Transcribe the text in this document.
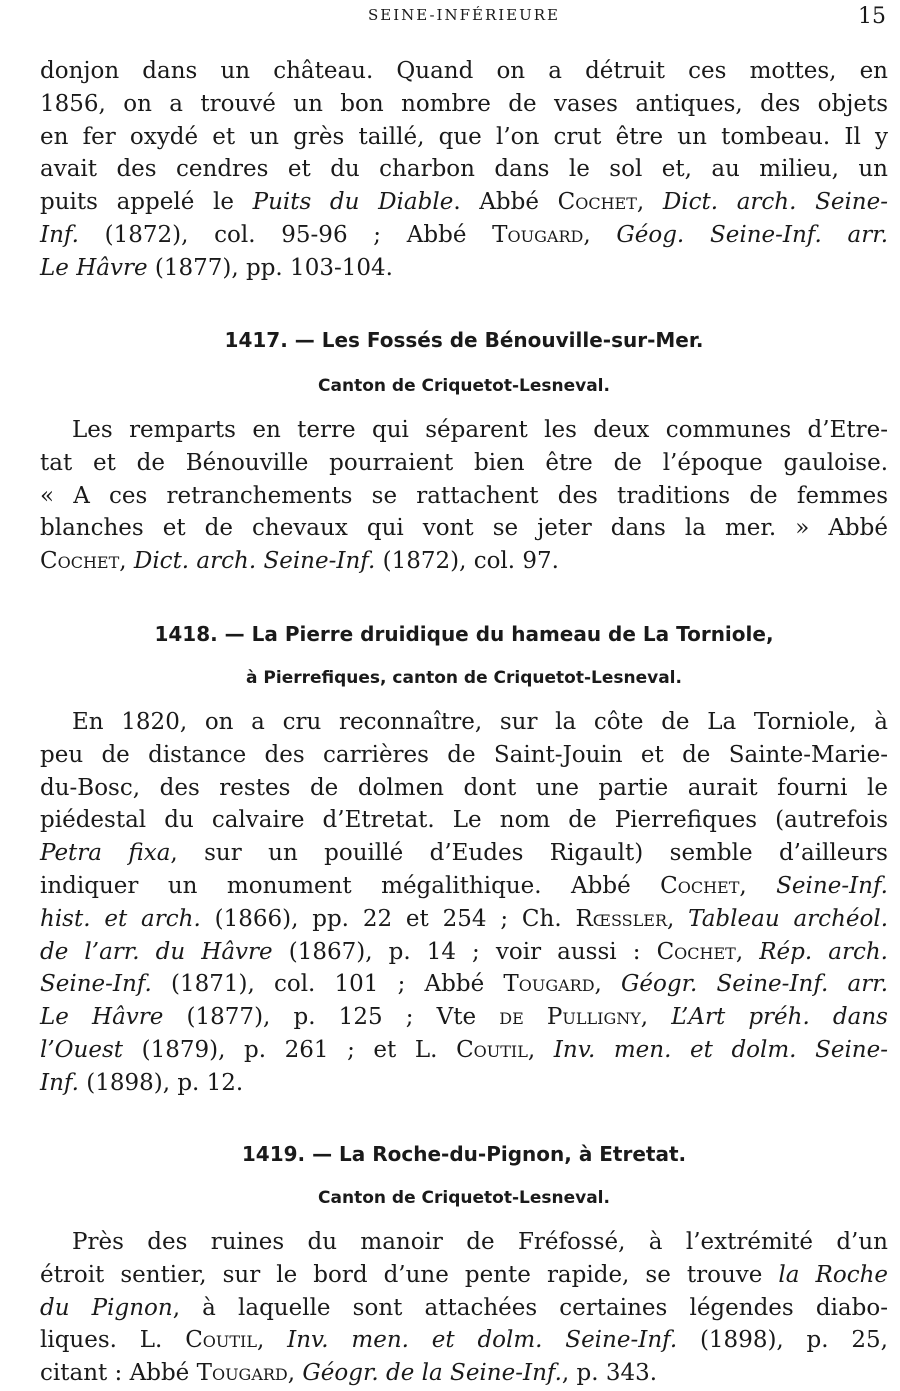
SEINE-INFÉRIEURE	15
donjon dans un château. Quand on a détruit ces mottes, en
1856, on a trouvé un bon nombre de vases antiques, des objets
en fer oxydé et un grès taillé, que l’on crut être un tombeau. Il y
avait des cendres et du charbon dans le sol et, au milieu, un
puits appelé le Puits du Diable. Abbé Cochet, Dict. arch. Seine-
Inf. (1872), col. 95-96 ; Abbé Tougard, Géog. Seine-Inf. arr.
Le Hâvre (1877), pp. 103-104.
1417. — Les Fossés de Bénouville-sur-Mer.
Canton de Criquetot-Lesneval.
Les remparts en terre qui séparent les deux communes d’Etre-
tat et de Bénouville pourraient bien être de l’époque gauloise.
« A ces retranchements se rattachent des traditions de femmes
blanches et de chevaux qui vont se jeter dans la mer. » Abbé
Cochet, Dict. arch. Seine-Inf. (1872), col. 97.
1418. — La Pierre druidique du hameau de La Torniole,
à Pierrefiques, canton de Criquetot-Lesneval.
En 1820, on a cru reconnaître, sur la côte de La Torniole, à
peu de distance des carrières de Saint-Jouin et de Sainte-Marie-
du-Bosc, des restes de dolmen dont une partie aurait fourni le
piédestal du calvaire d’Etretat. Le nom de Pierrefiques (autrefois
Petra fixa, sur un pouillé d’Eudes Rigault) semble d’ailleurs
indiquer un monument mégalithique. Abbé Cochet, Seine-Inf.
hist. et arch. (1866), pp. 22 et 254 ; Ch. Rœssler, Tableau archéol.
de l’arr. du Hâvre (1867), p. 14 ; voir aussi : Cochet, Rép. arch.
Seine-Inf. (1871), col. 101 ; Abbé Tougard, Géogr. Seine-Inf. arr.
Le Hâvre (1877), p. 125 ; Vte de Pulligny, L’Art préh. dans
l’Ouest (1879), p. 261 ; et L. Coutil, Inv. men. et dolm. Seine-
Inf. (1898), p. 12.
1419. — La Roche-du-Pignon, à Etretat.
Canton de Criquetot-Lesneval.
Près des ruines du manoir de Fréfossé, à l’extrémité d’un
étroit sentier, sur le bord d’une pente rapide, se trouve la Roche
du Pignon, à laquelle sont attachées certaines légendes diabo-
liques. L. Coutil, Inv. men. et dolm. Seine-Inf. (1898), p. 25,
citant : Abbé Tougard, Géogr. de la Seine-Inf., p. 343.
